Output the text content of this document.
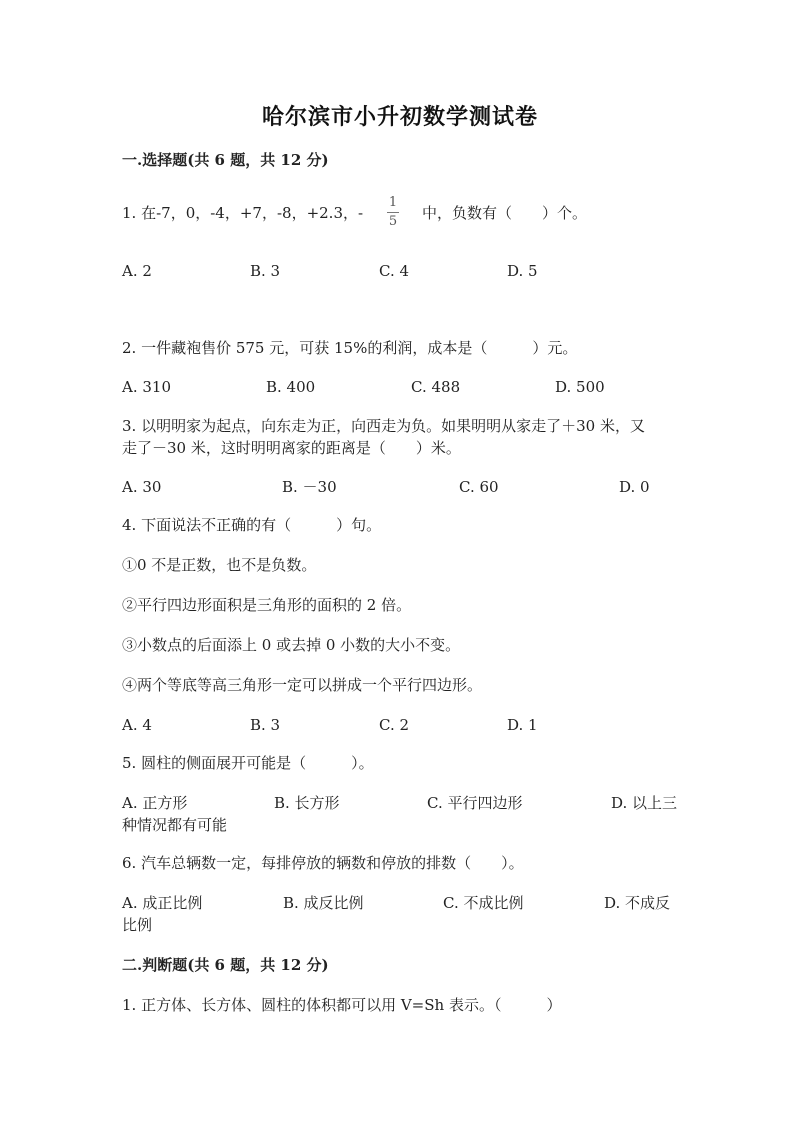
哈尔滨市小升初数学测试卷
一.选择题(共 6 题，共 12 分)
1. 在-7，0，-4，+7，-8，+2.3，-
1
5 中，负数有（　　）个。
A. 2	B. 3	C. 4	D. 5
2. 一件藏袍售价 575 元，可获 15%的利润，成本是（　　　）元。
A. 310	B. 400	C. 488	D. 500
3. 以明明家为起点，向东走为正，向西走为负。如果明明从家走了＋30 米，又
走了－30 米，这时明明离家的距离是（　　）米。
A. 30	B. －30	C. 60	D. 0
4. 下面说法不正确的有（　　　）句。
①0 不是正数，也不是负数。
②平行四边形面积是三角形的面积的 2 倍。
③小数点的后面添上 0 或去掉 0 小数的大小不变。
④两个等底等高三角形一定可以拼成一个平行四边形。
A. 4	B. 3	C. 2	D. 1
5. 圆柱的侧面展开可能是（　　　）。
A. 正方形	B. 长方形	C. 平行四边形	D. 以上三
种情况都有可能
6. 汽车总辆数一定，每排停放的辆数和停放的排数（　　）。
A. 成正比例	B. 成反比例	C. 不成比例	D. 不成反
比例
二.判断题(共 6 题，共 12 分)
1. 正方体、长方体、圆柱的体积都可以用 V=Sh 表示。（　　　）
